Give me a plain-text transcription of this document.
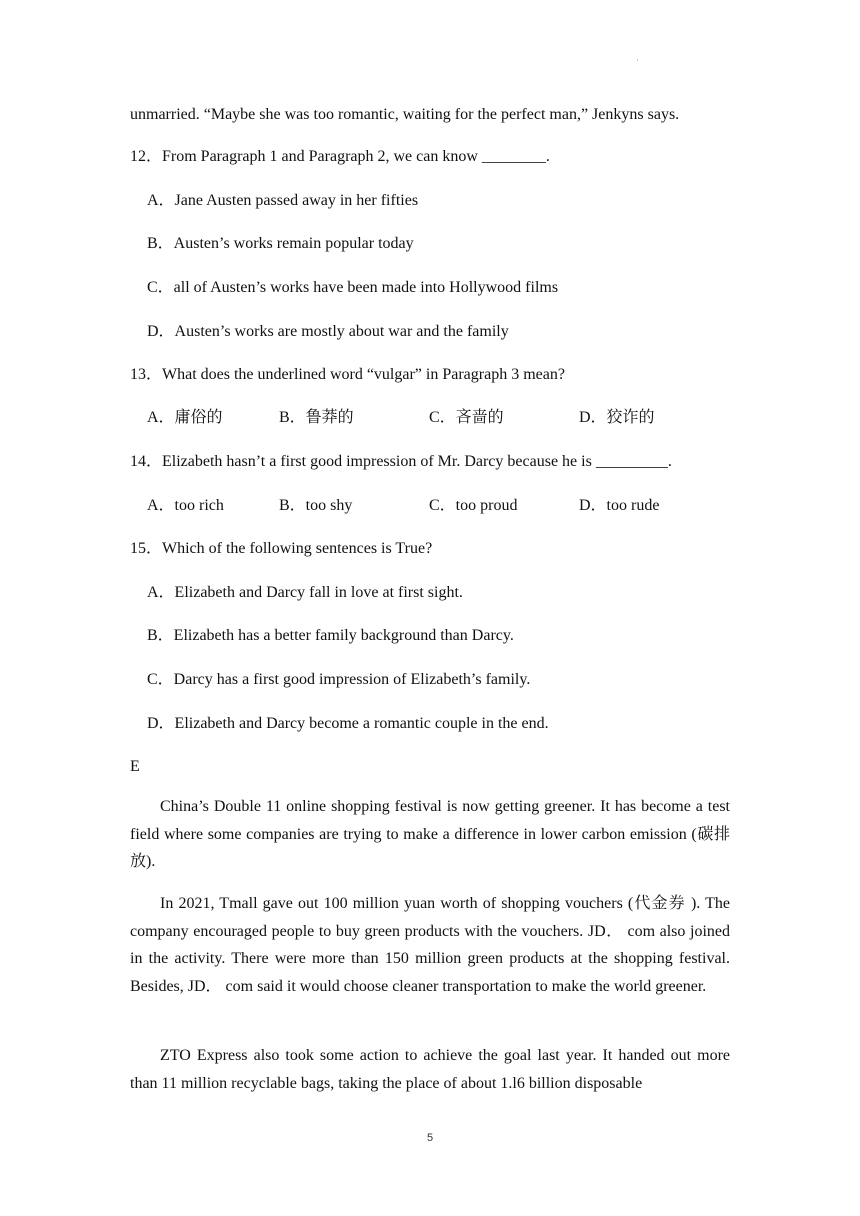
·
unmarried. “Maybe she was too romantic, waiting for the perfect man,” Jenkyns says.
12．From Paragraph 1 and Paragraph 2, we can know ________.
A．Jane Austen passed away in her fifties
B．Austen’s works remain popular today
C．all of Austen’s works have been made into Hollywood films
D．Austen’s works are mostly about war and the family
13．What does the underlined word “vulgar” in Paragraph 3 mean?
A．庸俗的	B．鲁莽的	C．吝啬的	D．狡诈的
14．Elizabeth hasn’t a first good impression of Mr. Darcy because he is _________.
A．too rich	B．too shy	C．too proud	D．too rude
15．Which of the following sentences is True?
A．Elizabeth and Darcy fall in love at first sight.
B．Elizabeth has a better family background than Darcy.
C．Darcy has a first good impression of Elizabeth’s family.
D．Elizabeth and Darcy become a romantic couple in the end.
E
China’s Double 11 online shopping festival is now getting greener. It has become a test field where some companies are trying to make a difference in lower carbon emission (碳排放).
In 2021, Tmall gave out 100 million yuan worth of shopping vouchers (代金券 ). The company encouraged people to buy green products with the vouchers. JD． com also joined in the activity. There were more than 150 million green products at the shopping festival. Besides, JD． com said it would choose cleaner transportation to make the world greener.
ZTO Express also took some action to achieve the goal last year. It handed out more than 11 million recyclable bags, taking the place of about 1.l6 billion disposable
5
